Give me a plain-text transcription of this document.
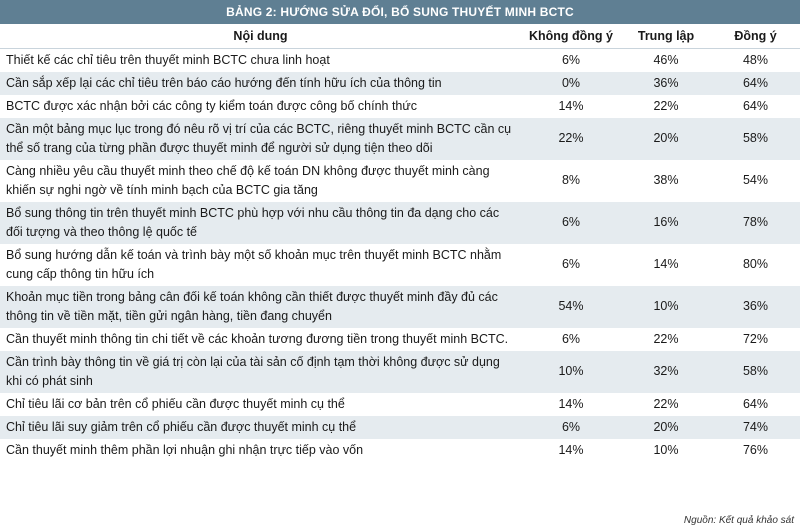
BẢNG 2: HƯỚNG SỬA ĐỔI, BỔ SUNG THUYẾT MINH BCTC
Nội dung	Không đồng ý	Trung lập	Đồng ý
Thiết kế các chỉ tiêu trên thuyết minh BCTC chưa linh hoạt	6%	46%	48%
Cần sắp xếp lại các chỉ tiêu trên báo cáo hướng đến tính hữu ích của thông tin	0%	36%	64%
BCTC được xác nhận bởi các công ty kiểm toán được công bố chính thức	14%	22%	64%
Cần một bảng mục lục trong đó nêu rõ vị trí của các BCTC, riêng thuyết minh BCTC cần cụ thể số trang của từng phần được thuyết minh để người sử dụng tiện theo dõi	22%	20%	58%
Càng nhiều yêu cầu thuyết minh theo chế độ kế toán DN không được thuyết minh càng khiến sự nghi ngờ về tính minh bạch của BCTC gia tăng	8%	38%	54%
Bổ sung thông tin trên thuyết minh BCTC phù hợp với nhu cầu thông tin đa dạng cho các đối tượng và theo thông lệ quốc tế	6%	16%	78%
Bổ sung hướng dẫn kế toán và trình bày một số khoản mục trên thuyết minh BCTC nhằm cung cấp thông tin hữu ích	6%	14%	80%
Khoản mục tiền trong bảng cân đối kế toán không cần thiết được thuyết minh đầy đủ các thông tin về tiền mặt, tiền gửi ngân hàng, tiền đang chuyển	54%	10%	36%
Cần thuyết minh thông tin chi tiết về các khoản tương đương tiền trong thuyết minh BCTC.	6%	22%	72%
Cần trình bày thông tin về giá trị còn lại của tài sản cố định tạm thời không được sử dụng khi có phát sinh	10%	32%	58%
Chỉ tiêu lãi cơ bản trên cổ phiếu cần được thuyết minh cụ thể	14%	22%	64%
Chỉ tiêu lãi suy giảm trên cổ phiếu cần được thuyết minh cụ thể	6%	20%	74%
Cần thuyết minh thêm phần lợi nhuận ghi nhận trực tiếp vào vốn	14%	10%	76%
Nguồn: Kết quả khảo sát
